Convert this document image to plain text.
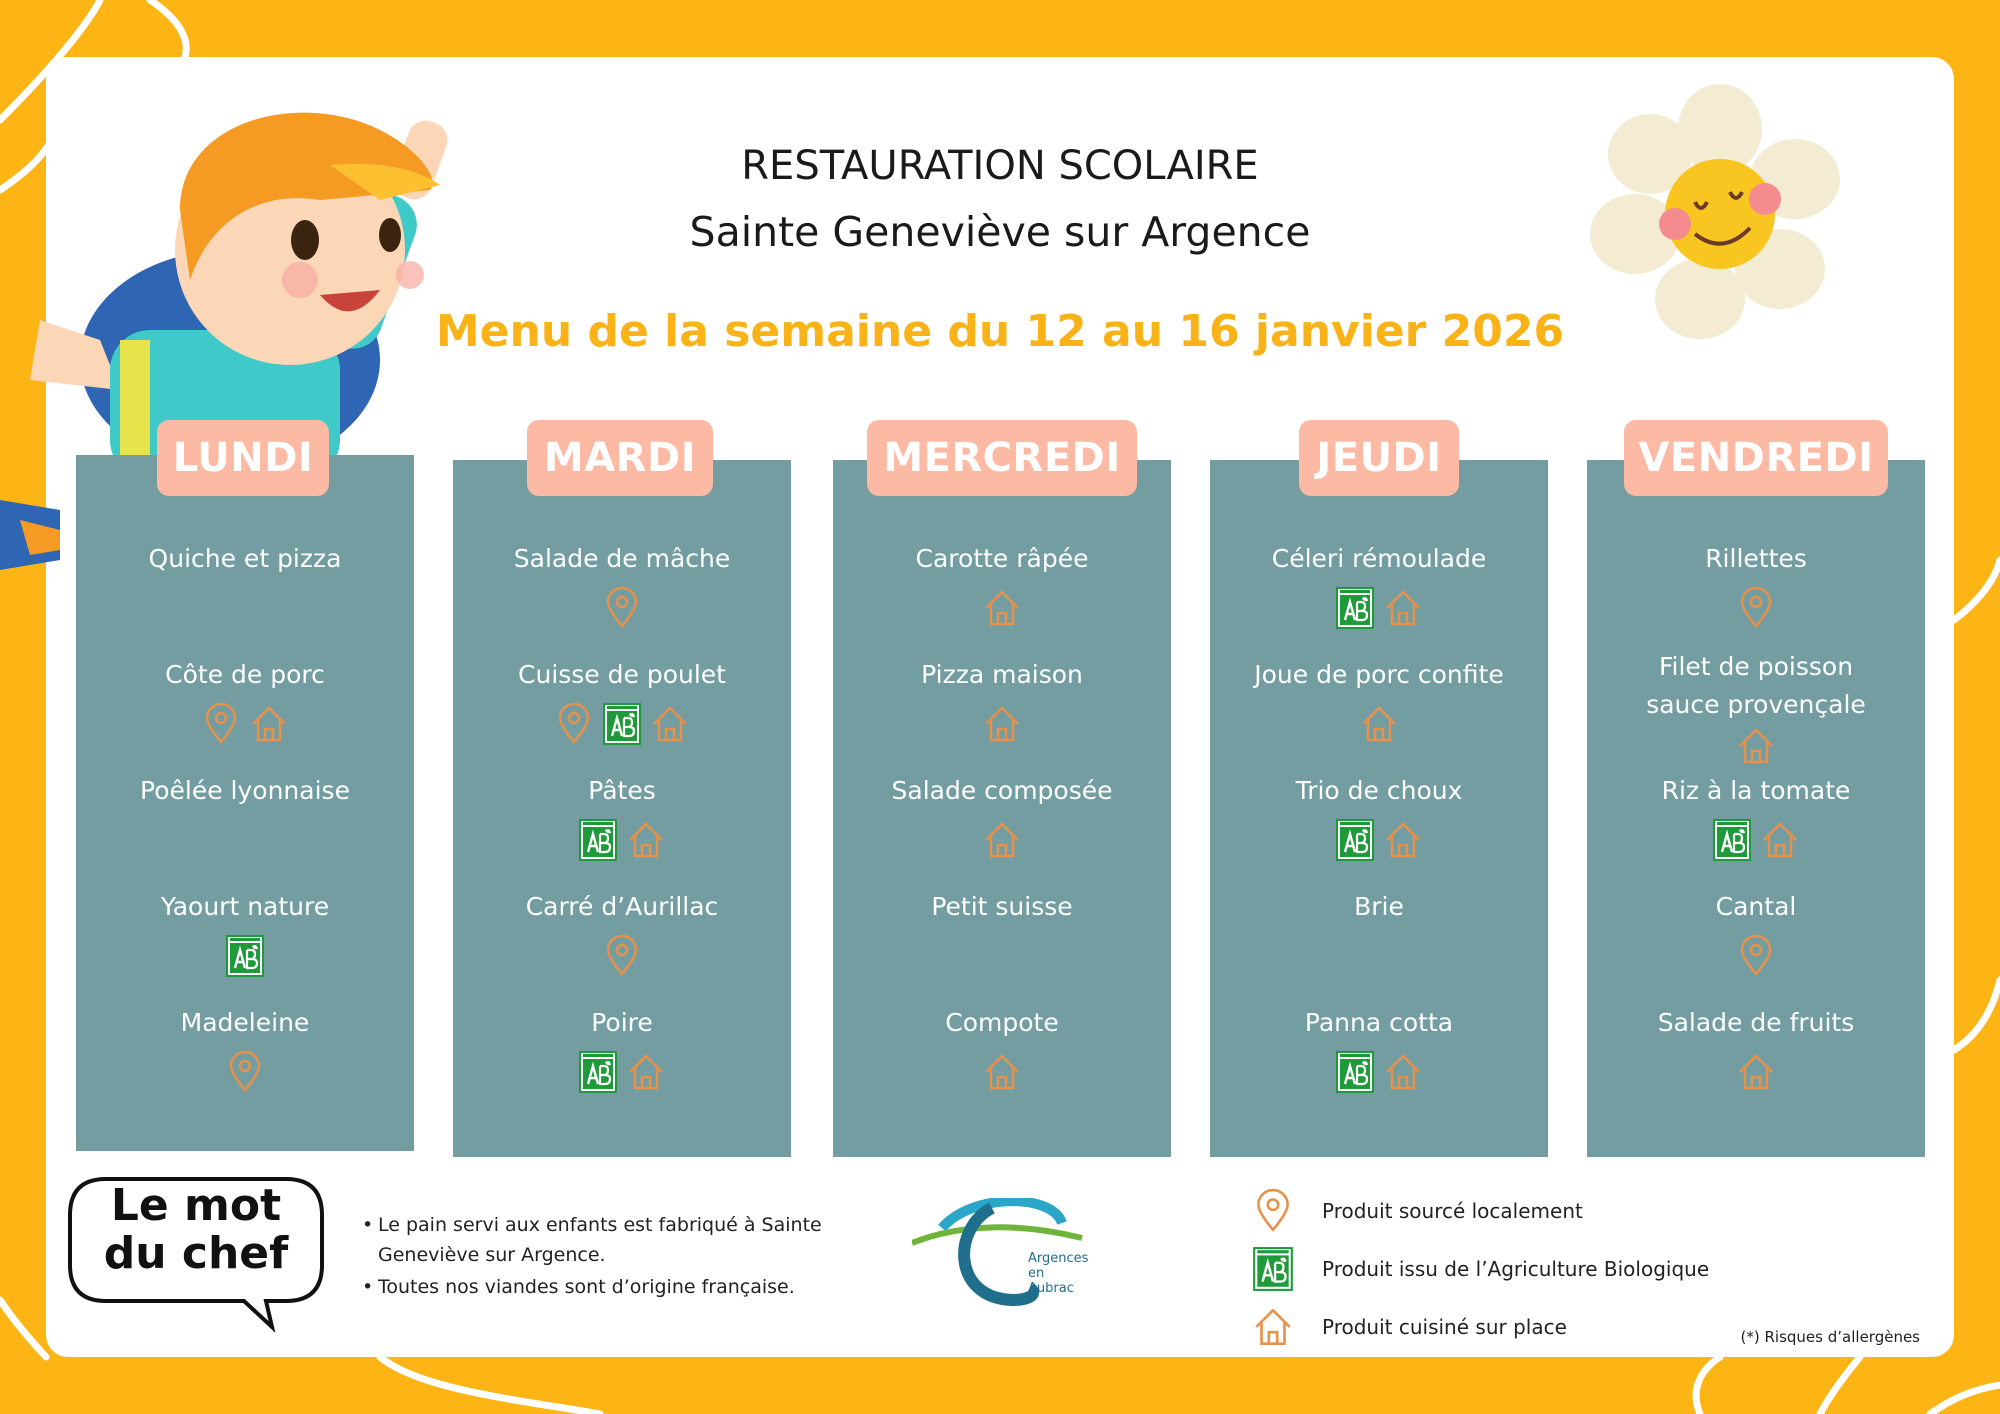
RESTAURATION SCOLAIRE
Sainte Geneviève sur Argence
Menu de la semaine du 12 au 16 janvier 2026
LUNDI
Quiche et pizza
Côte de porc
Poêlée lyonnaise
Yaourt nature
Madeleine
MARDI
Salade de mâche
Cuisse de poulet
Pâtes
Carré d’Aurillac
Poire
MERCREDI
Carotte râpée
Pizza maison
Salade composée
Petit suisse
Compote
JEUDI
Céleri rémoulade
Joue de porc confite
Trio de choux
Brie
Panna cotta
VENDREDI
Rillettes
Filet de poisson sauce provençale
Riz à la tomate
Cantal
Salade de fruits
Le mot
du chef
• Le pain servi aux enfants est fabriqué à Sainte Geneviève sur Argence.
• Toutes nos viandes sont d’origine française.
Argences
en
Aubrac
Produit sourcé localement
Produit issu de l’Agriculture Biologique
Produit cuisiné sur place	(*) Risques d’allergènes
